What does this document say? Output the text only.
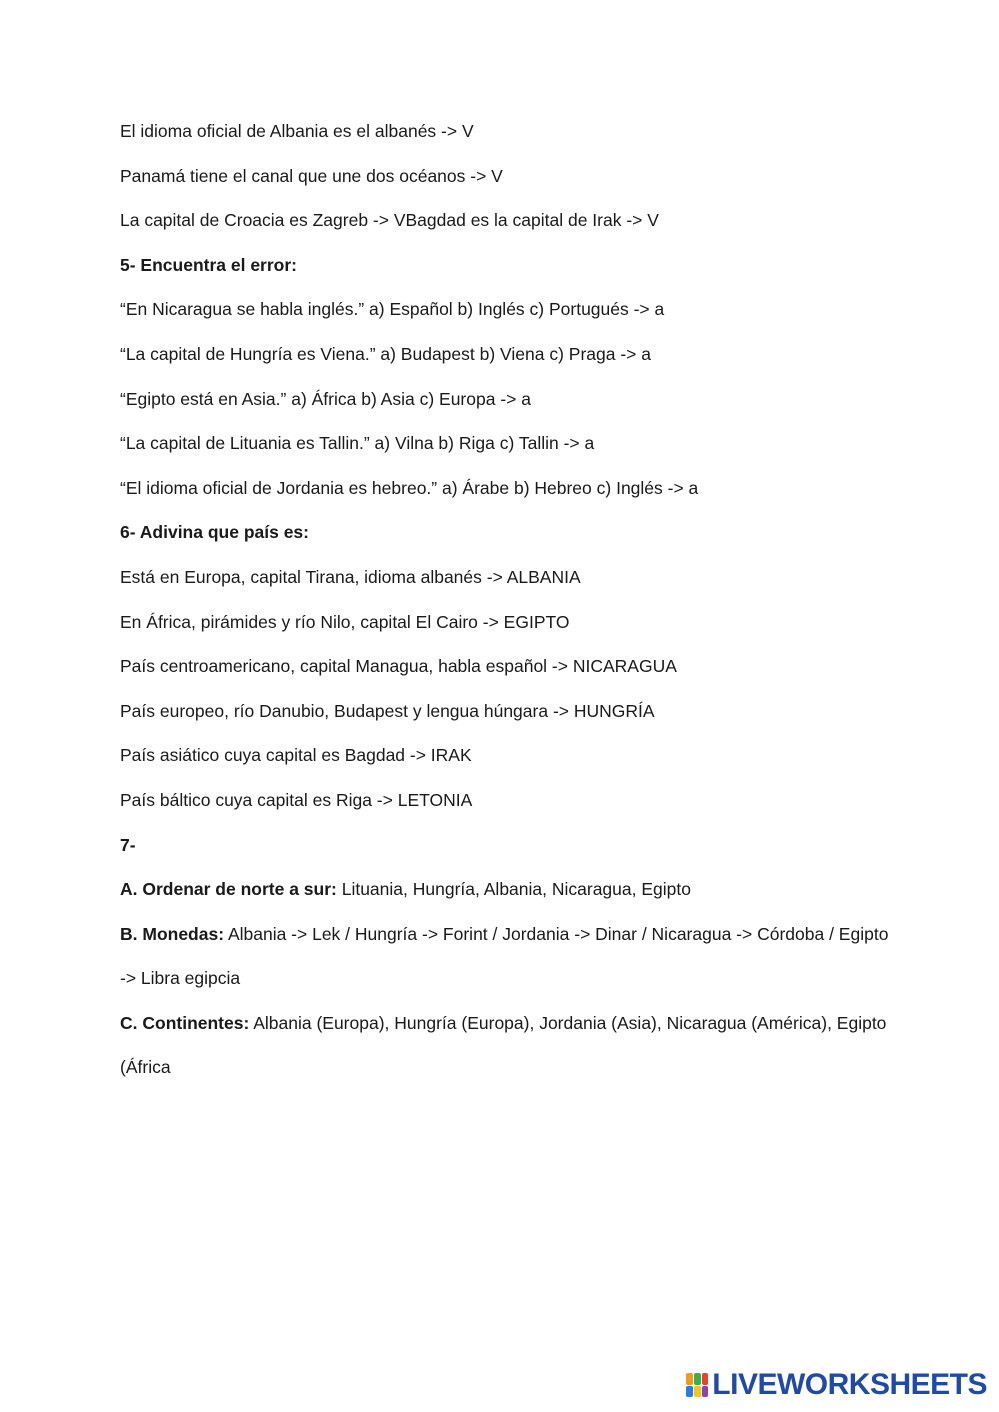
El idioma oficial de Albania es el albanés -> V
Panamá tiene el canal que une dos océanos -> V
La capital de Croacia es Zagreb -> VBagdad es la capital de Irak -> V
5- Encuentra el error:
“En Nicaragua se habla inglés.” a) Español b) Inglés c) Portugués -> a
“La capital de Hungría es Viena.” a) Budapest b) Viena c) Praga -> a
“Egipto está en Asia.” a) África b) Asia c) Europa -> a
“La capital de Lituania es Tallin.” a) Vilna b) Riga c) Tallin -> a
“El idioma oficial de Jordania es hebreo.” a) Árabe b) Hebreo c) Inglés -> a
6- Adivina que país es:
Está en Europa, capital Tirana, idioma albanés -> ALBANIA
En África, pirámides y río Nilo, capital El Cairo -> EGIPTO
País centroamericano, capital Managua, habla español -> NICARAGUA
País europeo, río Danubio, Budapest y lengua húngara -> HUNGRÍA
País asiático cuya capital es Bagdad -> IRAK
País báltico cuya capital es Riga -> LETONIA
7-
A. Ordenar de norte a sur: Lituania, Hungría, Albania, Nicaragua, Egipto
B. Monedas: Albania -> Lek / Hungría -> Forint / Jordania -> Dinar / Nicaragua -> Córdoba / Egipto
-> Libra egipcia
C. Continentes: Albania (Europa), Hungría (Europa), Jordania (Asia), Nicaragua (América), Egipto
(África
LIVEWORKSHEETS
